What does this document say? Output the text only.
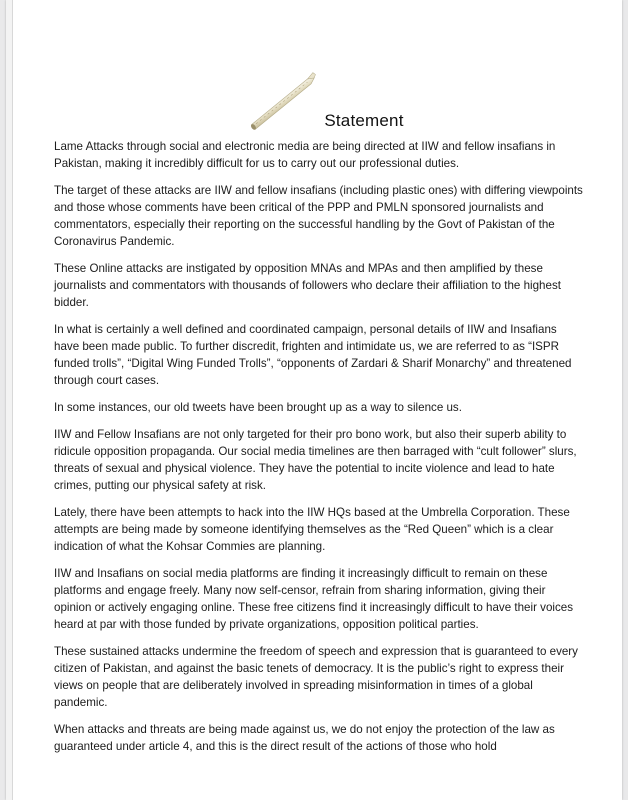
Statement

Lame Attacks through social and electronic media are being directed at IIW and fellow insafians in Pakistan, making it incredibly difficult for us to carry out our professional duties.

The target of these attacks are IIW and fellow insafians (including plastic ones) with differing viewpoints and those whose comments have been critical of the PPP and PMLN sponsored journalists and commentators, especially their reporting on the successful handling by the Govt of Pakistan of the Coronavirus Pandemic.

These Online attacks are instigated by opposition MNAs and MPAs and then amplified by these journalists and commentators with thousands of followers who declare their affiliation to the highest bidder.

In what is certainly a well defined and coordinated campaign, personal details of IIW and Insafians have been made public. To further discredit, frighten and intimidate us, we are referred to as “ISPR funded trolls”, “Digital Wing Funded Trolls”, “opponents of Zardari & Sharif Monarchy” and threatened through court cases.

In some instances, our old tweets have been brought up as a way to silence us.

IIW and Fellow Insafians are not only targeted for their pro bono work, but also their superb ability to ridicule opposition propaganda. Our social media timelines are then barraged with “cult follower” slurs, threats of sexual and physical violence. They have the potential to incite violence and lead to hate crimes, putting our physical safety at risk.

Lately, there have been attempts to hack into the IIW HQs based at the Umbrella Corporation. These attempts are being made by someone identifying themselves as the “Red Queen” which is a clear indication of what the Kohsar Commies are planning.

IIW and Insafians on social media platforms are finding it increasingly difficult to remain on these platforms and engage freely. Many now self-censor, refrain from sharing information, giving their opinion or actively engaging online. These free citizens find it increasingly difficult to have their voices heard at par with those funded by private organizations, opposition political parties.

These sustained attacks undermine the freedom of speech and expression that is guaranteed to every citizen of Pakistan, and against the basic tenets of democracy. It is the public’s right to express their views on people that are deliberately involved in spreading misinformation in times of a global pandemic.

When attacks and threats are being made against us, we do not enjoy the protection of the law as guaranteed under article 4, and this is the direct result of the actions of those who hold
